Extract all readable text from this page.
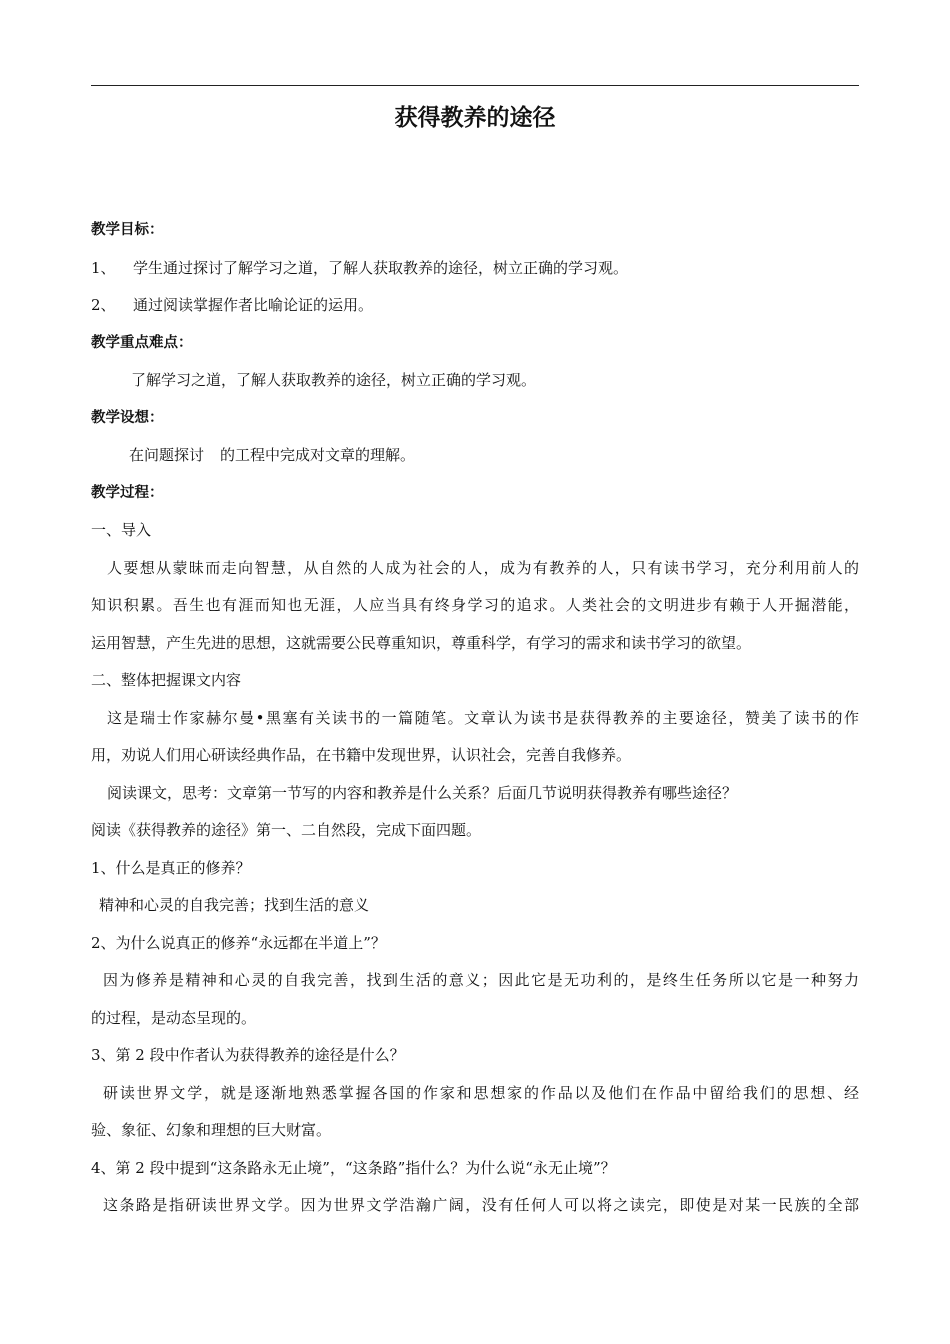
获得教养的途径

教学目标：

1、 学生通过探讨了解学习之道，了解人获取教养的途径，树立正确的学习观。

2、 通过阅读掌握作者比喻论证的运用。

教学重点难点：

了解学习之道，了解人获取教养的途径，树立正确的学习观。

教学设想：

在问题探讨 的工程中完成对文章的理解。

教学过程：

一、导入

人要想从蒙昧而走向智慧，从自然的人成为社会的人，成为有教养的人，只有读书学习，充分利用前人的

知识积累。吾生也有涯而知也无涯，人应当具有终身学习的追求。人类社会的文明进步有赖于人开掘潜能，

运用智慧，产生先进的思想，这就需要公民尊重知识，尊重科学，有学习的需求和读书学习的欲望。

二、整体把握课文内容

这是瑞士作家赫尔曼•黑塞有关读书的一篇随笔。文章认为读书是获得教养的主要途径，赞美了读书的作

用，劝说人们用心研读经典作品，在书籍中发现世界，认识社会，完善自我修养。

阅读课文，思考：文章第一节写的内容和教养是什么关系？后面几节说明获得教养有哪些途径？

阅读《获得教养的途径》第一、二自然段，完成下面四题。

1、什么是真正的修养？

精神和心灵的自我完善；找到生活的意义

2、为什么说真正的修养“永远都在半道上”？

因为修养是精神和心灵的自我完善，找到生活的意义；因此它是无功利的，是终生任务所以它是一种努力

的过程，是动态呈现的。

3、第 2 段中作者认为获得教养的途径是什么？

研读世界文学，就是逐渐地熟悉掌握各国的作家和思想家的作品以及他们在作品中留给我们的思想、经

验、象征、幻象和理想的巨大财富。

4、第 2 段中提到“这条路永无止境”，“这条路”指什么？为什么说“永无止境”？

这条路是指研读世界文学。因为世界文学浩瀚广阔，没有任何人可以将之读完，即使是对某一民族的全部
